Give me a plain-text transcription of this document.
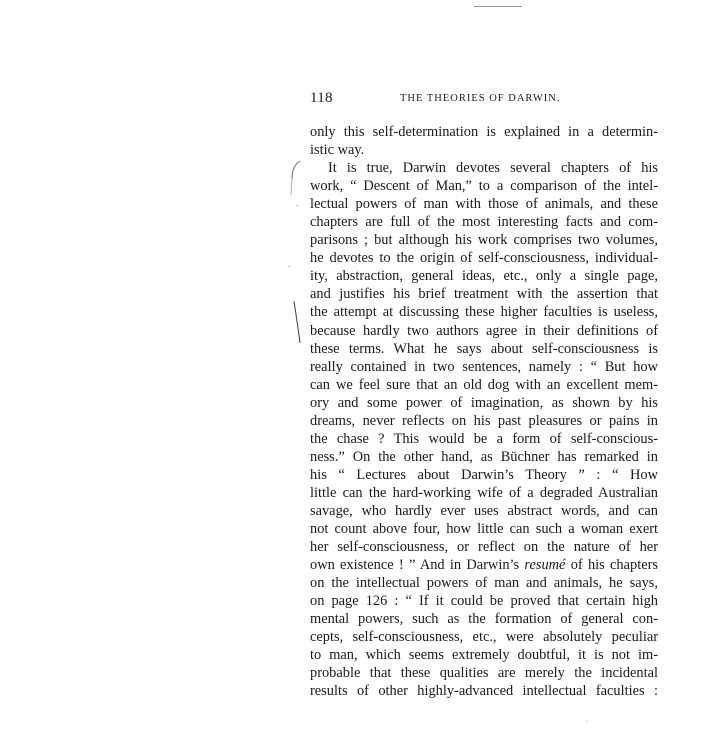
118	THE THEORIES OF DARWIN.
only this self-determination is explained in a determin-
istic way.
It is true, Darwin devotes several chapters of his
work, “ Descent of Man,” to a comparison of the intel-
lectual powers of man with those of animals, and these
chapters are full of the most interesting facts and com-
parisons ; but although his work comprises two volumes,
he devotes to the origin of self-consciousness, individual-
ity, abstraction, general ideas, etc., only a single page,
and justifies his brief treatment with the assertion that
the attempt at discussing these higher faculties is useless,
because hardly two authors agree in their definitions of
these terms. What he says about self-consciousness is
really contained in two sentences, namely : “ But how
can we feel sure that an old dog with an excellent mem-
ory and some power of imagination, as shown by his
dreams, never reflects on his past pleasures or pains in
the chase ? This would be a form of self-conscious-
ness.” On the other hand, as Büchner has remarked in
his “ Lectures about Darwin’s Theory ” : “ How
little can the hard-working wife of a degraded Australian
savage, who hardly ever uses abstract words, and can
not count above four, how little can such a woman exert
her self-consciousness, or reflect on the nature of her
own existence ! ” And in Darwin’s resumé of his chapters
on the intellectual powers of man and animals, he says,
on page 126 : “ If it could be proved that certain high
mental powers, such as the formation of general con-
cepts, self-consciousness, etc., were absolutely peculiar
to man, which seems extremely doubtful, it is not im-
probable that these qualities are merely the incidental
results of other highly-advanced intellectual faculties :
